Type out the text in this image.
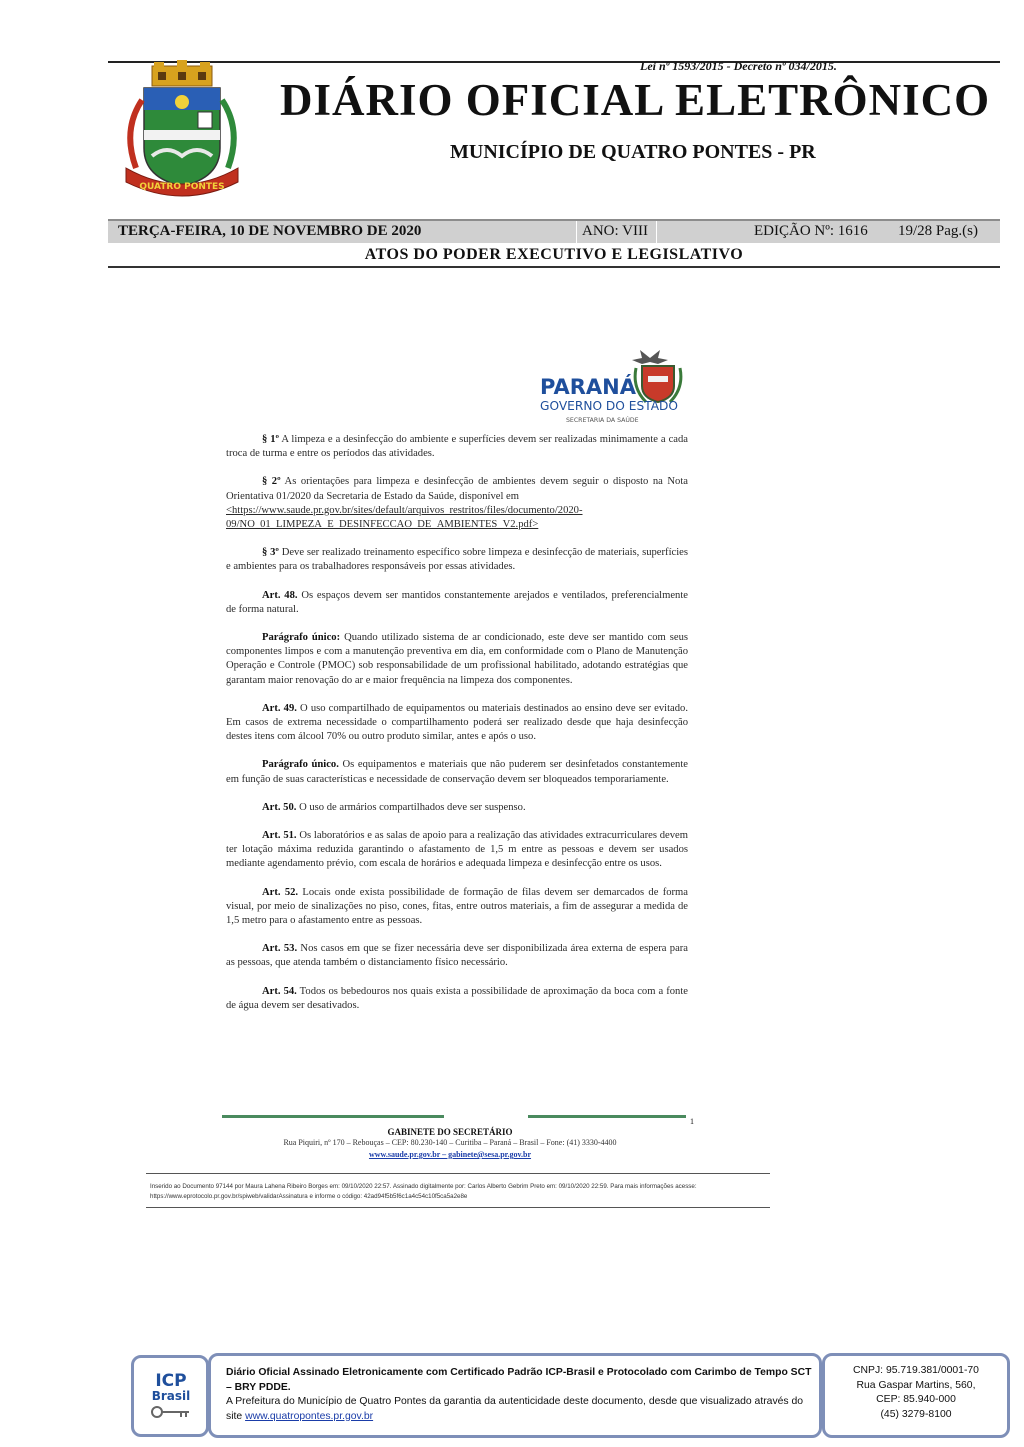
Lei nº 1593/2015 - Decreto nº 034/2015.
QUATRO PONTES
DIÁRIO OFICIAL ELETRÔNICO
MUNICÍPIO DE QUATRO PONTES - PR
TERÇA-FEIRA, 10 DE NOVEMBRO DE 2020	ANO: VIII	EDIÇÃO Nº: 1616 19/28 Pag.(s)
ATOS DO PODER EXECUTIVO E LEGISLATIVO
PARANÁ
GOVERNO DO ESTADO
SECRETARIA DA SAÚDE

§ 1º A limpeza e a desinfecção do ambiente e superfícies devem ser realizadas minimamente a cada troca de turma e entre os períodos das atividades.

§ 2º As orientações para limpeza e desinfecção de ambientes devem seguir o disposto na Nota Orientativa 01/2020 da Secretaria de Estado da Saúde, disponível em
<https://www.saude.pr.gov.br/sites/default/arquivos_restritos/files/documento/2020-09/NO_01_LIMPEZA_E_DESINFECCAO_DE_AMBIENTES_V2.pdf>

§ 3º Deve ser realizado treinamento específico sobre limpeza e desinfecção de materiais, superfícies e ambientes para os trabalhadores responsáveis por essas atividades.

Art. 48. Os espaços devem ser mantidos constantemente arejados e ventilados, preferencialmente de forma natural.

Parágrafo único: Quando utilizado sistema de ar condicionado, este deve ser mantido com seus componentes limpos e com a manutenção preventiva em dia, em conformidade com o Plano de Manutenção Operação e Controle (PMOC) sob responsabilidade de um profissional habilitado, adotando estratégias que garantam maior renovação do ar e maior frequência na limpeza dos componentes.

Art. 49. O uso compartilhado de equipamentos ou materiais destinados ao ensino deve ser evitado. Em casos de extrema necessidade o compartilhamento poderá ser realizado desde que haja desinfecção destes itens com álcool 70% ou outro produto similar, antes e após o uso.

Parágrafo único. Os equipamentos e materiais que não puderem ser desinfetados constantemente em função de suas características e necessidade de conservação devem ser bloqueados temporariamente.

Art. 50. O uso de armários compartilhados deve ser suspenso.

Art. 51. Os laboratórios e as salas de apoio para a realização das atividades extracurriculares devem ter lotação máxima reduzida garantindo o afastamento de 1,5 m entre as pessoas e devem ser usados mediante agendamento prévio, com escala de horários e adequada limpeza e desinfecção entre os usos.

Art. 52. Locais onde exista possibilidade de formação de filas devem ser demarcados de forma visual, por meio de sinalizações no piso, cones, fitas, entre outros materiais, a fim de assegurar a medida de 1,5 metro para o afastamento entre as pessoas.

Art. 53. Nos casos em que se fizer necessária deve ser disponibilizada área externa de espera para as pessoas, que atenda também o distanciamento físico necessário.

Art. 54. Todos os bebedouros nos quais exista a possibilidade de aproximação da boca com a fonte de água devem ser desativados.

1
GABINETE DO SECRETÁRIO
Rua Piquiri, nº 170 – Rebouças – CEP: 80.230-140 – Curitiba – Paraná – Brasil – Fone: (41) 3330-4400
www.saude.pr.gov.br – gabinete@sesa.pr.gov.br
Inserido ao Documento 97144 por Maura Lahena Ribeiro Borges em: 09/10/2020 22:57. Assinado digitalmente por: Carlos Alberto Gebrim Preto em: 09/10/2020 22:59. Para mais informações acesse: https://www.eprotocolo.pr.gov.br/spiweb/validarAssinatura e informe o código: 42ad94f5b5f6c1a4c54c10f5ca5a2e8e
ICP
Brasil
Diário Oficial Assinado Eletronicamente com Certificado Padrão ICP-Brasil e Protocolado com Carimbo de Tempo SCT – BRY PDDE.
A Prefeitura do Município de Quatro Pontes da garantia da autenticidade deste documento, desde que visualizado através do site www.quatropontes.pr.gov.br
CNPJ: 95.719.381/0001-70
Rua Gaspar Martins, 560,
CEP: 85.940-000
(45) 3279-8100
